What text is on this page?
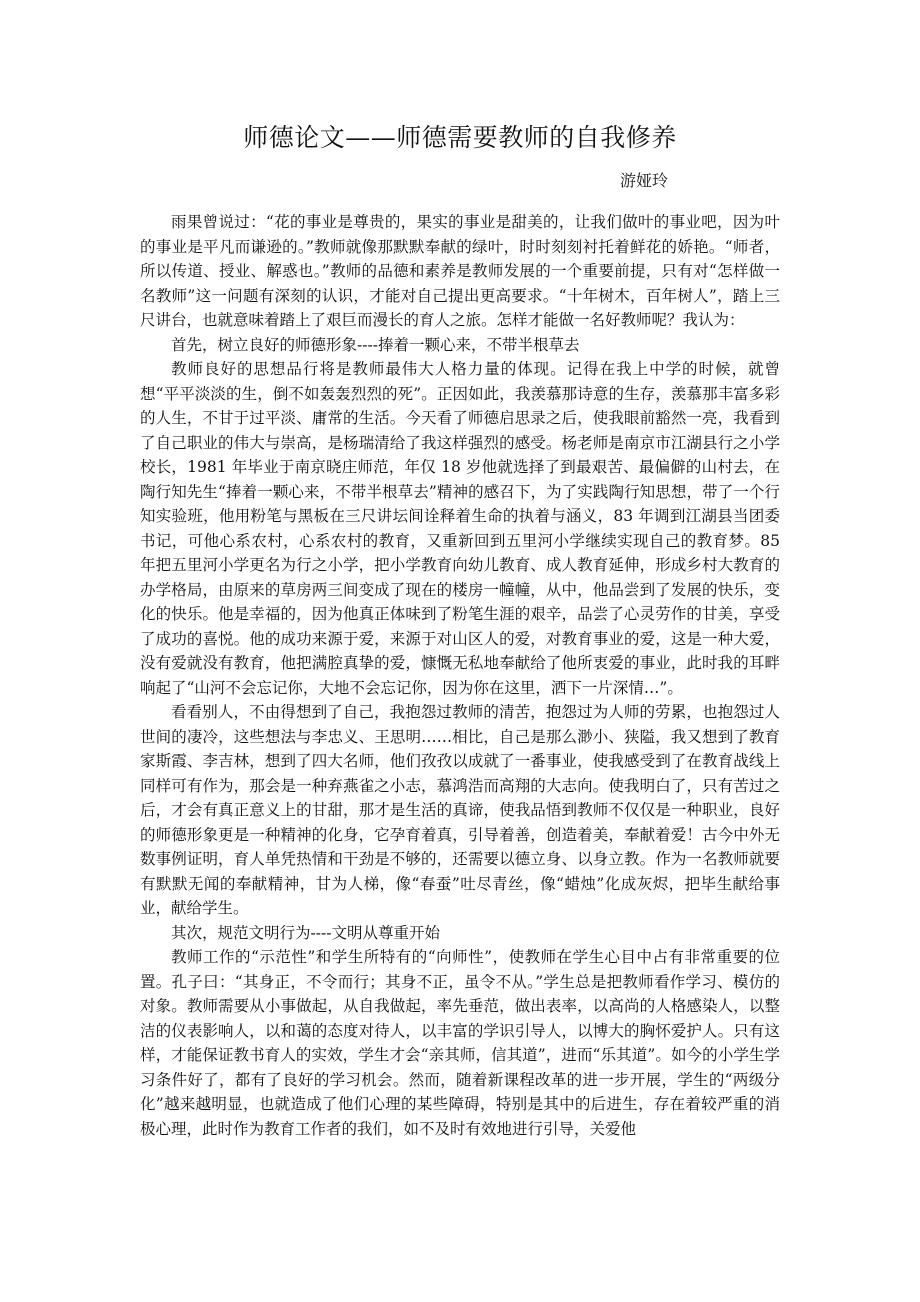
师德论文——师德需要教师的自我修养
游娅玲

雨果曾说过：“花的事业是尊贵的，果实的事业是甜美的，让我们做叶的事业吧，因为叶的事业是平凡而谦逊的。”教师就像那默默奉献的绿叶，时时刻刻衬托着鲜花的娇艳。“师者，所以传道、授业、解惑也。”教师的品德和素养是教师发展的一个重要前提，只有对“怎样做一名教师”这一问题有深刻的认识，才能对自己提出更高要求。“十年树木，百年树人”，踏上三尺讲台，也就意味着踏上了艰巨而漫长的育人之旅。怎样才能做一名好教师呢？我认为：

首先，树立良好的师德形象----捧着一颗心来，不带半根草去

教师良好的思想品行将是教师最伟大人格力量的体现。记得在我上中学的时候，就曾想“平平淡淡的生，倒不如轰轰烈烈的死”。正因如此，我羡慕那诗意的生存，羡慕那丰富多彩的人生，不甘于过平淡、庸常的生活。今天看了师德启思录之后，使我眼前豁然一亮，我看到了自己职业的伟大与崇高，是杨瑞清给了我这样强烈的感受。杨老师是南京市江湖县行之小学校长，1981 年毕业于南京晓庄师范，年仅 18 岁他就选择了到最艰苦、最偏僻的山村去，在陶行知先生“捧着一颗心来，不带半根草去”精神的感召下，为了实践陶行知思想，带了一个行知实验班，他用粉笔与黑板在三尺讲坛间诠释着生命的执着与涵义，83 年调到江湖县当团委书记，可他心系农村，心系农村的教育，又重新回到五里河小学继续实现自己的教育梦。85 年把五里河小学更名为行之小学，把小学教育向幼儿教育、成人教育延伸，形成乡村大教育的办学格局，由原来的草房两三间变成了现在的楼房一幢幢，从中，他品尝到了发展的快乐，变化的快乐。他是幸福的，因为他真正体味到了粉笔生涯的艰辛，品尝了心灵劳作的甘美，享受了成功的喜悦。他的成功来源于爱，来源于对山区人的爱，对教育事业的爱，这是一种大爱，没有爱就没有教育，他把满腔真挚的爱，慷慨无私地奉献给了他所衷爱的事业，此时我的耳畔响起了“山河不会忘记你，大地不会忘记你，因为你在这里，洒下一片深情…”。

看看别人，不由得想到了自己，我抱怨过教师的清苦，抱怨过为人师的劳累，也抱怨过人世间的凄冷，这些想法与李忠义、王思明……相比，自己是那么渺小、狭隘，我又想到了教育家斯霞、李吉林，想到了四大名师，他们孜孜以成就了一番事业，使我感受到了在教育战线上同样可有作为，那会是一种弃燕雀之小志，慕鸿浩而高翔的大志向。使我明白了，只有苦过之后，才会有真正意义上的甘甜，那才是生活的真谛，使我品悟到教师不仅仅是一种职业，良好的师德形象更是一种精神的化身，它孕育着真，引导着善，创造着美，奉献着爱！古今中外无数事例证明，育人单凭热情和干劲是不够的，还需要以德立身、以身立教。作为一名教师就要有默默无闻的奉献精神，甘为人梯，像“春蚕”吐尽青丝，像“蜡烛”化成灰烬，把毕生献给事业，献给学生。

其次，规范文明行为----文明从尊重开始

教师工作的“示范性”和学生所特有的“向师性”，使教师在学生心目中占有非常重要的位置。孔子曰：“其身正，不令而行；其身不正，虽令不从。”学生总是把教师看作学习、模仿的对象。教师需要从小事做起，从自我做起，率先垂范，做出表率，以高尚的人格感染人，以整洁的仪表影响人，以和蔼的态度对待人，以丰富的学识引导人，以博大的胸怀爱护人。只有这样，才能保证教书育人的实效，学生才会“亲其师，信其道”，进而“乐其道”。如今的小学生学习条件好了，都有了良好的学习机会。然而，随着新课程改革的进一步开展，学生的“两级分化”越来越明显，也就造成了他们心理的某些障碍，特别是其中的后进生，存在着较严重的消极心理，此时作为教育工作者的我们，如不及时有效地进行引导，关爱他
